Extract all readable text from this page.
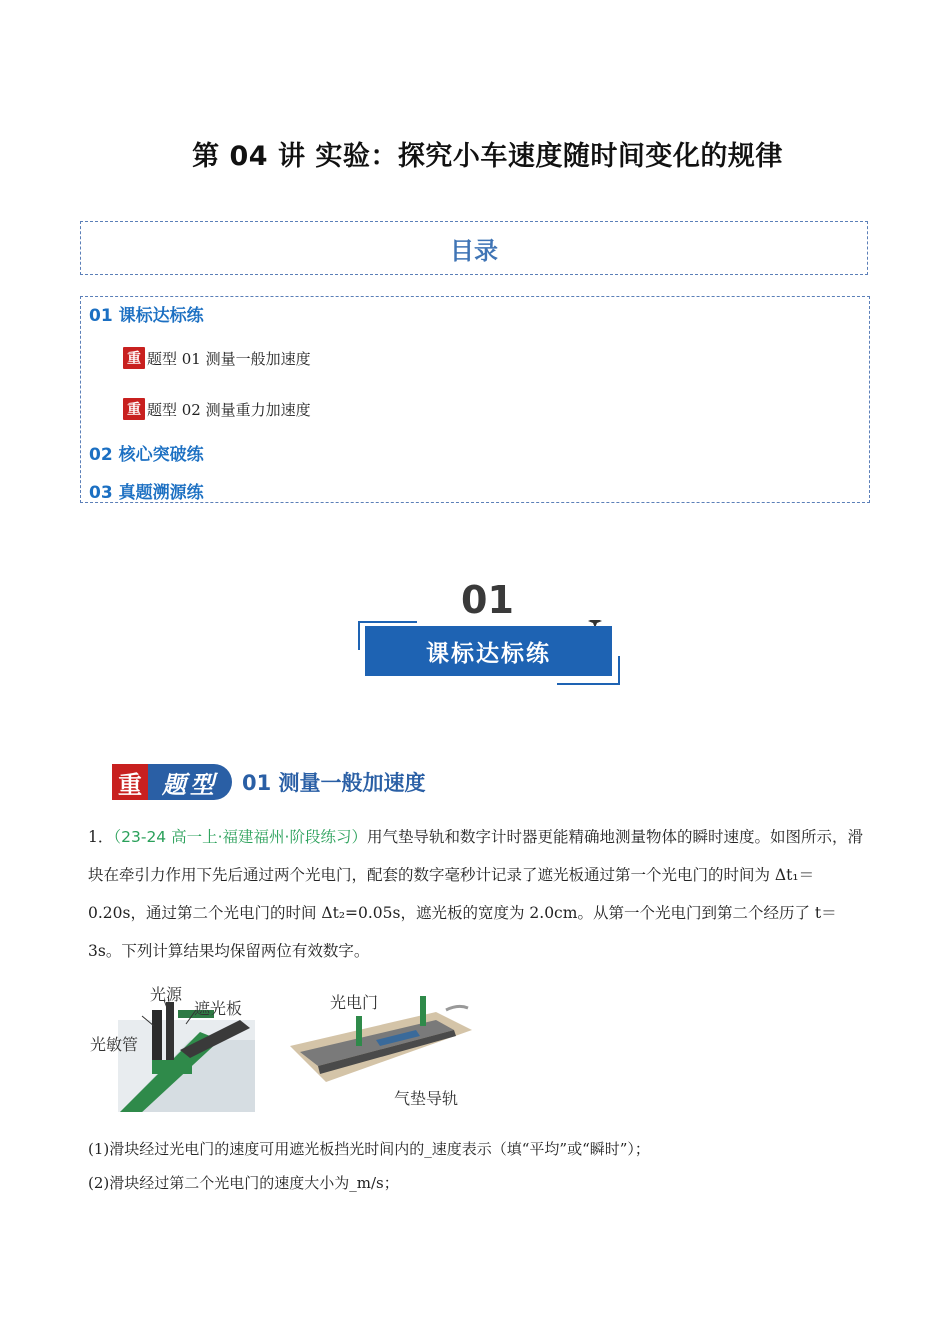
第 04 讲 实验：探究小车速度随时间变化的规律
目录
01 课标达标练
重 题型 01 测量一般加速度
重 题型 02 测量重力加速度
02 核心突破练
03 真题溯源练
01
课标达标练
重 题型	01 测量一般加速度
1．（23-24 高一上·福建福州·阶段练习）用气垫导轨和数字计时器更能精确地测量物体的瞬时速度。如图所示，滑块在牵引力作用下先后通过两个光电门，配套的数字毫秒计记录了遮光板通过第一个光电门的时间为 Δt₁＝0.20s，通过第二个光电门的时间 Δt₂=0.05s，遮光板的宽度为 2.0cm。从第一个光电门到第二个经历了 t＝3s。下列计算结果均保留两位有效数字。
光源
遮光板
光敏管
光电门
气垫导轨
(1)滑块经过光电门的速度可用遮光板挡光时间内的_速度表示（填“平均”或“瞬时”）；
(2)滑块经过第二个光电门的速度大小为_m/s；
